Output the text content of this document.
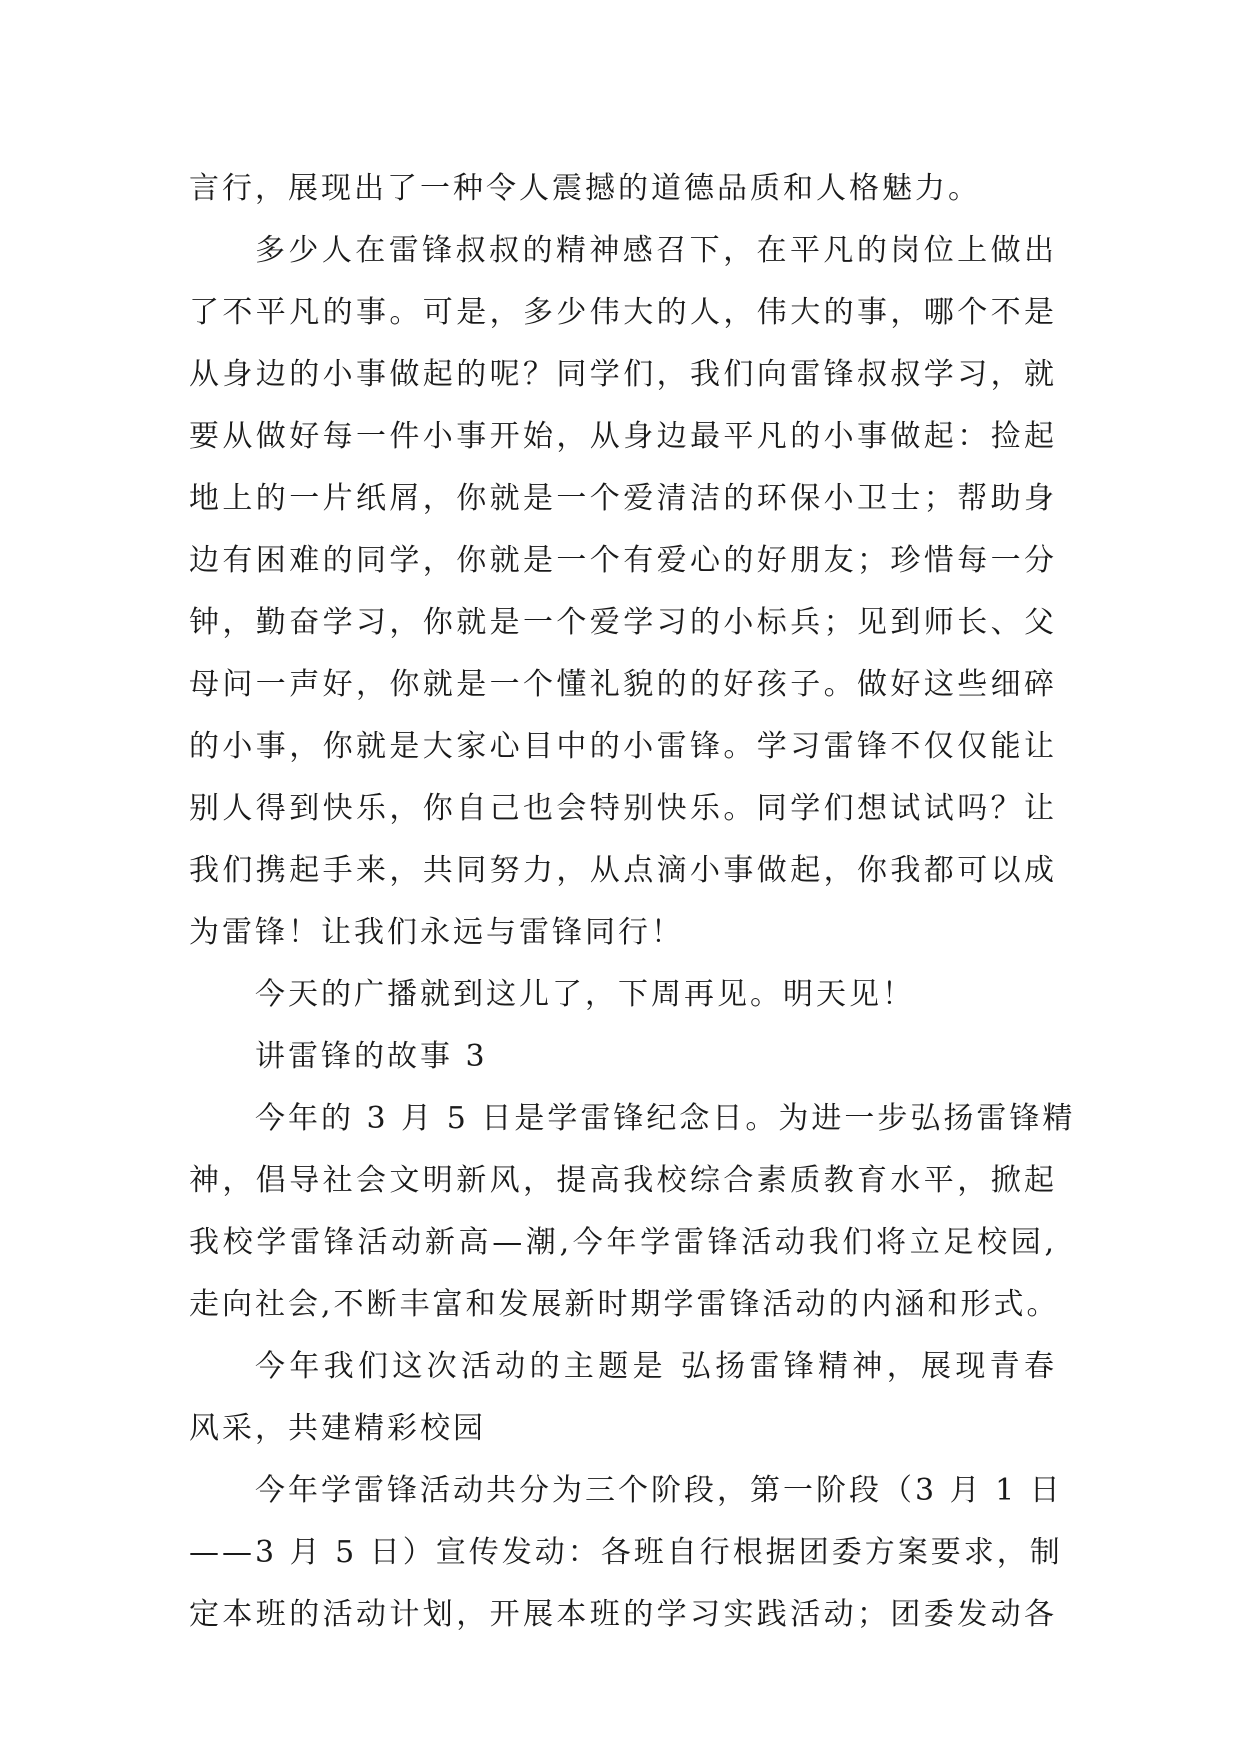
言行，展现出了一种令人震撼的道德品质和人格魅力。
多少人在雷锋叔叔的精神感召下，在平凡的岗位上做出
了不平凡的事。可是，多少伟大的人，伟大的事，哪个不是
从身边的小事做起的呢？同学们，我们向雷锋叔叔学习，就
要从做好每一件小事开始，从身边最平凡的小事做起：捡起
地上的一片纸屑，你就是一个爱清洁的环保小卫士；帮助身
边有困难的同学，你就是一个有爱心的好朋友；珍惜每一分
钟，勤奋学习，你就是一个爱学习的小标兵；见到师长、父
母问一声好，你就是一个懂礼貌的的好孩子。做好这些细碎
的小事，你就是大家心目中的小雷锋。学习雷锋不仅仅能让
别人得到快乐，你自己也会特别快乐。同学们想试试吗？让
我们携起手来，共同努力，从点滴小事做起，你我都可以成
为雷锋！让我们永远与雷锋同行！
今天的广播就到这儿了，下周再见。明天见！
讲雷锋的故事 3
今年的 3 月 5 日是学雷锋纪念日。为进一步弘扬雷锋精
神，倡导社会文明新风，提高我校综合素质教育水平，掀起
我校学雷锋活动新高—潮,今年学雷锋活动我们将立足校园,
走向社会,不断丰富和发展新时期学雷锋活动的内涵和形式。
今年我们这次活动的主题是 弘扬雷锋精神，展现青春
风采，共建精彩校园
今年学雷锋活动共分为三个阶段，第一阶段（3 月 1 日
——3 月 5 日）宣传发动：各班自行根据团委方案要求，制
定本班的活动计划，开展本班的学习实践活动；团委发动各
